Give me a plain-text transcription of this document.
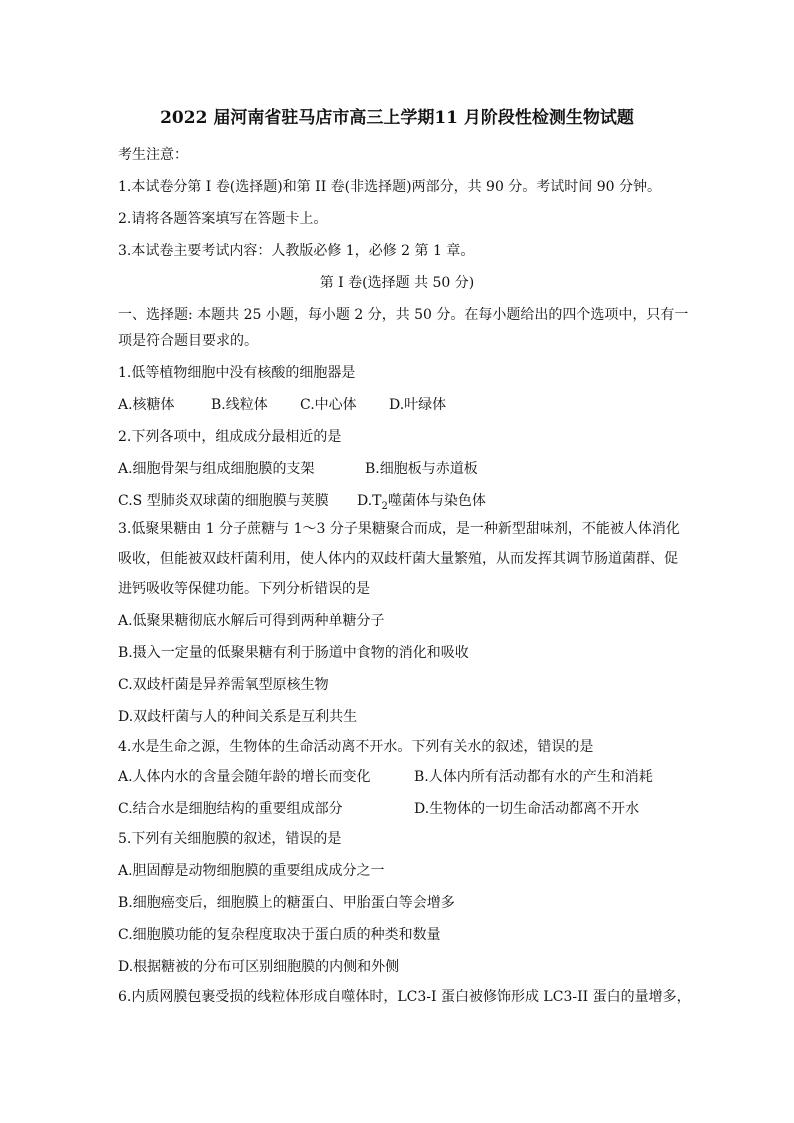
2022 届河南省驻马店市高三上学期11 月阶段性检测生物试题
考生注意：
1.本试卷分第 I 卷(选择题)和第 II 卷(非选择题)两部分，共 90 分。考试时间 90 分钟。
2.请将各题答案填写在答题卡上。
3.本试卷主要考试内容：人教版必修 1，必修 2 第 1 章。
第 I 卷(选择题 共 50 分)
一、选择题: 本题共 25 小题，每小题 2 分，共 50 分。在每小题给出的四个选项中，只有一
项是符合题目要求的。
1.低等植物细胞中没有核酸的细胞器是
A.核糖体	B.线粒体 C.中心体 D.叶绿体
2.下列各项中，组成成分最相近的是
A.细胞骨架与组成细胞膜的支架	B.细胞板与赤道板
C.S 型肺炎双球菌的细胞膜与荚膜 $D.T_2$噬菌体与染色体
3.低聚果糖由 1 分子蔗糖与 1～3 分子果糖聚合而成，是一种新型甜味剂，不能被人体消化
吸收，但能被双歧杆菌利用，使人体内的双歧杆菌大量繁殖，从而发挥其调节肠道菌群、促
进钙吸收等保健功能。下列分析错误的是
A.低聚果糖彻底水解后可得到两种单糖分子
B.摄入一定量的低聚果糖有利于肠道中食物的消化和吸收
C.双歧杆菌是异养需氧型原核生物
D.双歧杆菌与人的种间关系是互利共生
4.水是生命之源，生物体的生命活动离不开水。下列有关水的叙述，错误的是
A.人体内水的含量会随年龄的增长而变化	B.人体内所有活动都有水的产生和消耗
C.结合水是细胞结构的重要组成部分	D.生物体的一切生命活动都离不开水
5.下列有关细胞膜的叙述，错误的是
A.胆固醇是动物细胞膜的重要组成成分之一
B.细胞癌变后，细胞膜上的糖蛋白、甲胎蛋白等会增多
C.细胞膜功能的复杂程度取决于蛋白质的种类和数量
D.根据糖被的分布可区别细胞膜的内侧和外侧
6.内质网膜包裹受损的线粒体形成自噬体时，LC3-I 蛋白被修饰形成 LC3-II 蛋白的量增多，
